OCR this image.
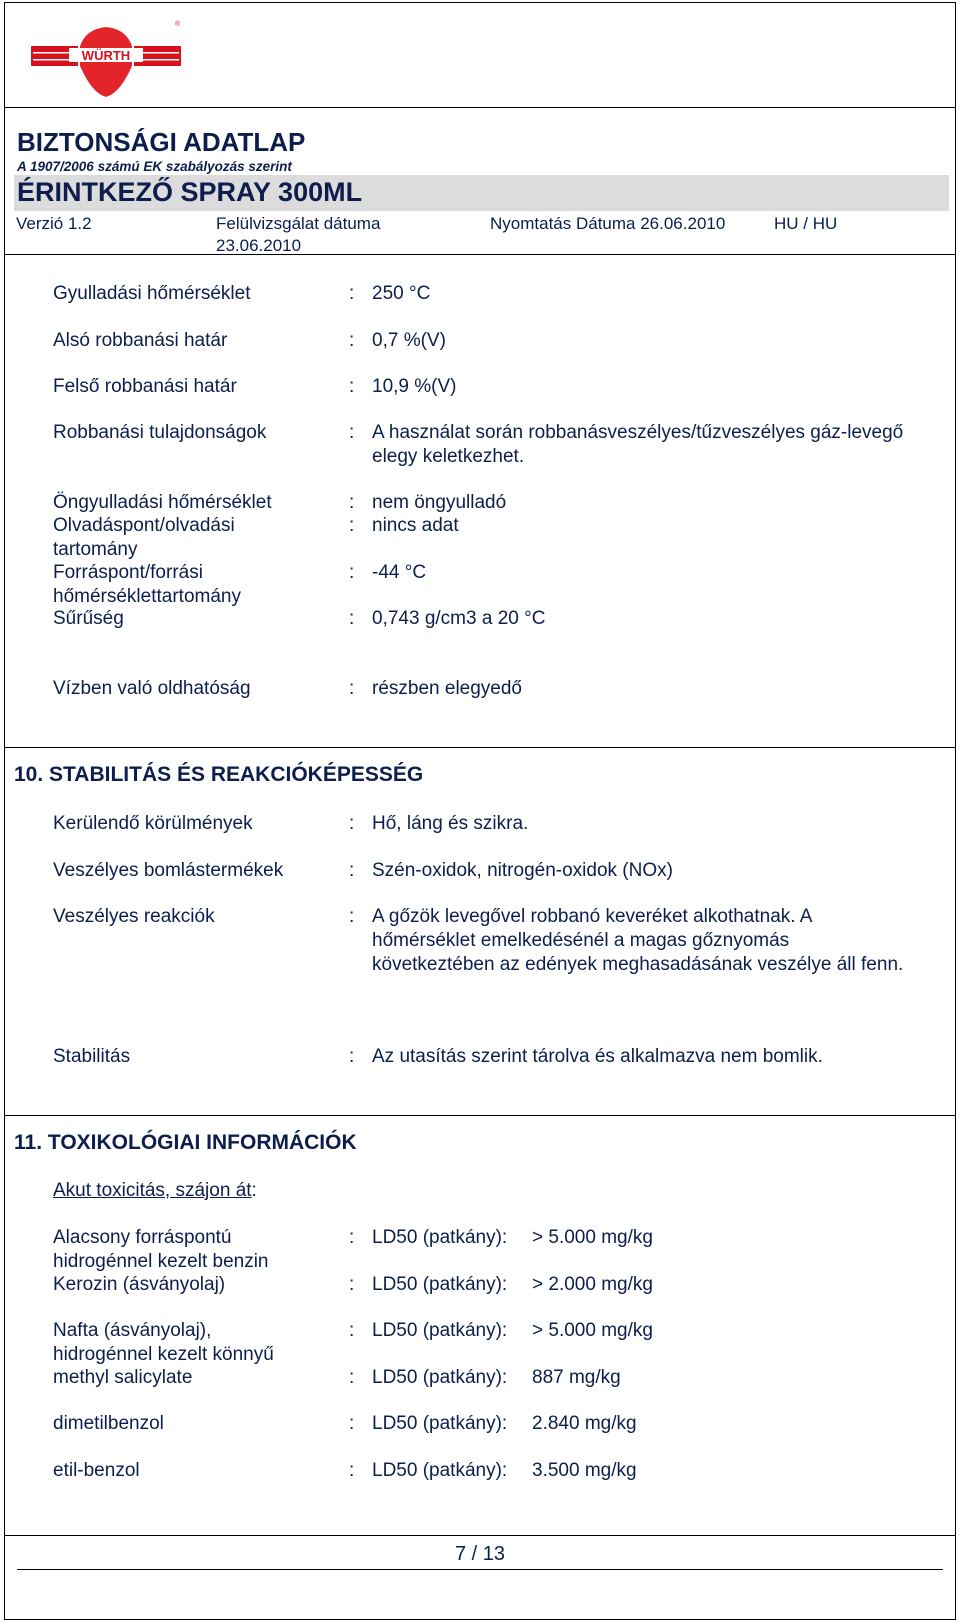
WÜRTH
®
BIZTONSÁGI ADATLAP
A 1907/2006 számú EK szabályozás szerint
ÉRINTKEZŐ SPRAY 300ML
Verzió 1.2	Felülvizsgálat dátuma
23.06.2010
Nyomtatás Dátuma 26.06.2010	HU / HU
Gyulladási hőmérséklet	: 250 °C
Alsó robbanási határ	: 0,7 %(V)
Felső robbanási határ	: 10,9 %(V)
Robbanási tulajdonságok	: A használat során robbanásveszélyes/tűzveszélyes gáz-levegő elegy keletkezhet.
Öngyulladási hőmérséklet	: nem öngyulladó
Olvadáspont/olvadási tartomány
: nincs adat
Forráspont/forrási hőmérséklettartomány
: -44 °C
Sűrűség	: 0,743 g/cm3 a 20 °C
Vízben való oldhatóság	: részben elegyedő
10. STABILITÁS ÉS REAKCIÓKÉPESSÉG
Kerülendő körülmények	: Hő, láng és szikra.
Veszélyes bomlástermékek	: Szén-oxidok, nitrogén-oxidok (NOx)
Veszélyes reakciók	: A gőzök levegővel robbanó keveréket alkothatnak. A hőmérséklet emelkedésénél a magas gőznyomás következtében az edények meghasadásának veszélye áll fenn.
Stabilitás	: Az utasítás szerint tárolva és alkalmazva nem bomlik.
11. TOXIKOLÓGIAI INFORMÁCIÓK
Akut toxicitás, szájon át:
Alacsony forráspontú hidrogénnel kezelt benzin
: LD50 (patkány): > 5.000 mg/kg
Kerozin (ásványolaj)	: LD50 (patkány): > 2.000 mg/kg
Nafta (ásványolaj), hidrogénnel kezelt könnyű
: LD50 (patkány): > 5.000 mg/kg
methyl salicylate	: LD50 (patkány): 887 mg/kg
dimetilbenzol	: LD50 (patkány): 2.840 mg/kg
etil-benzol	: LD50 (patkány): 3.500 mg/kg
7 / 13
